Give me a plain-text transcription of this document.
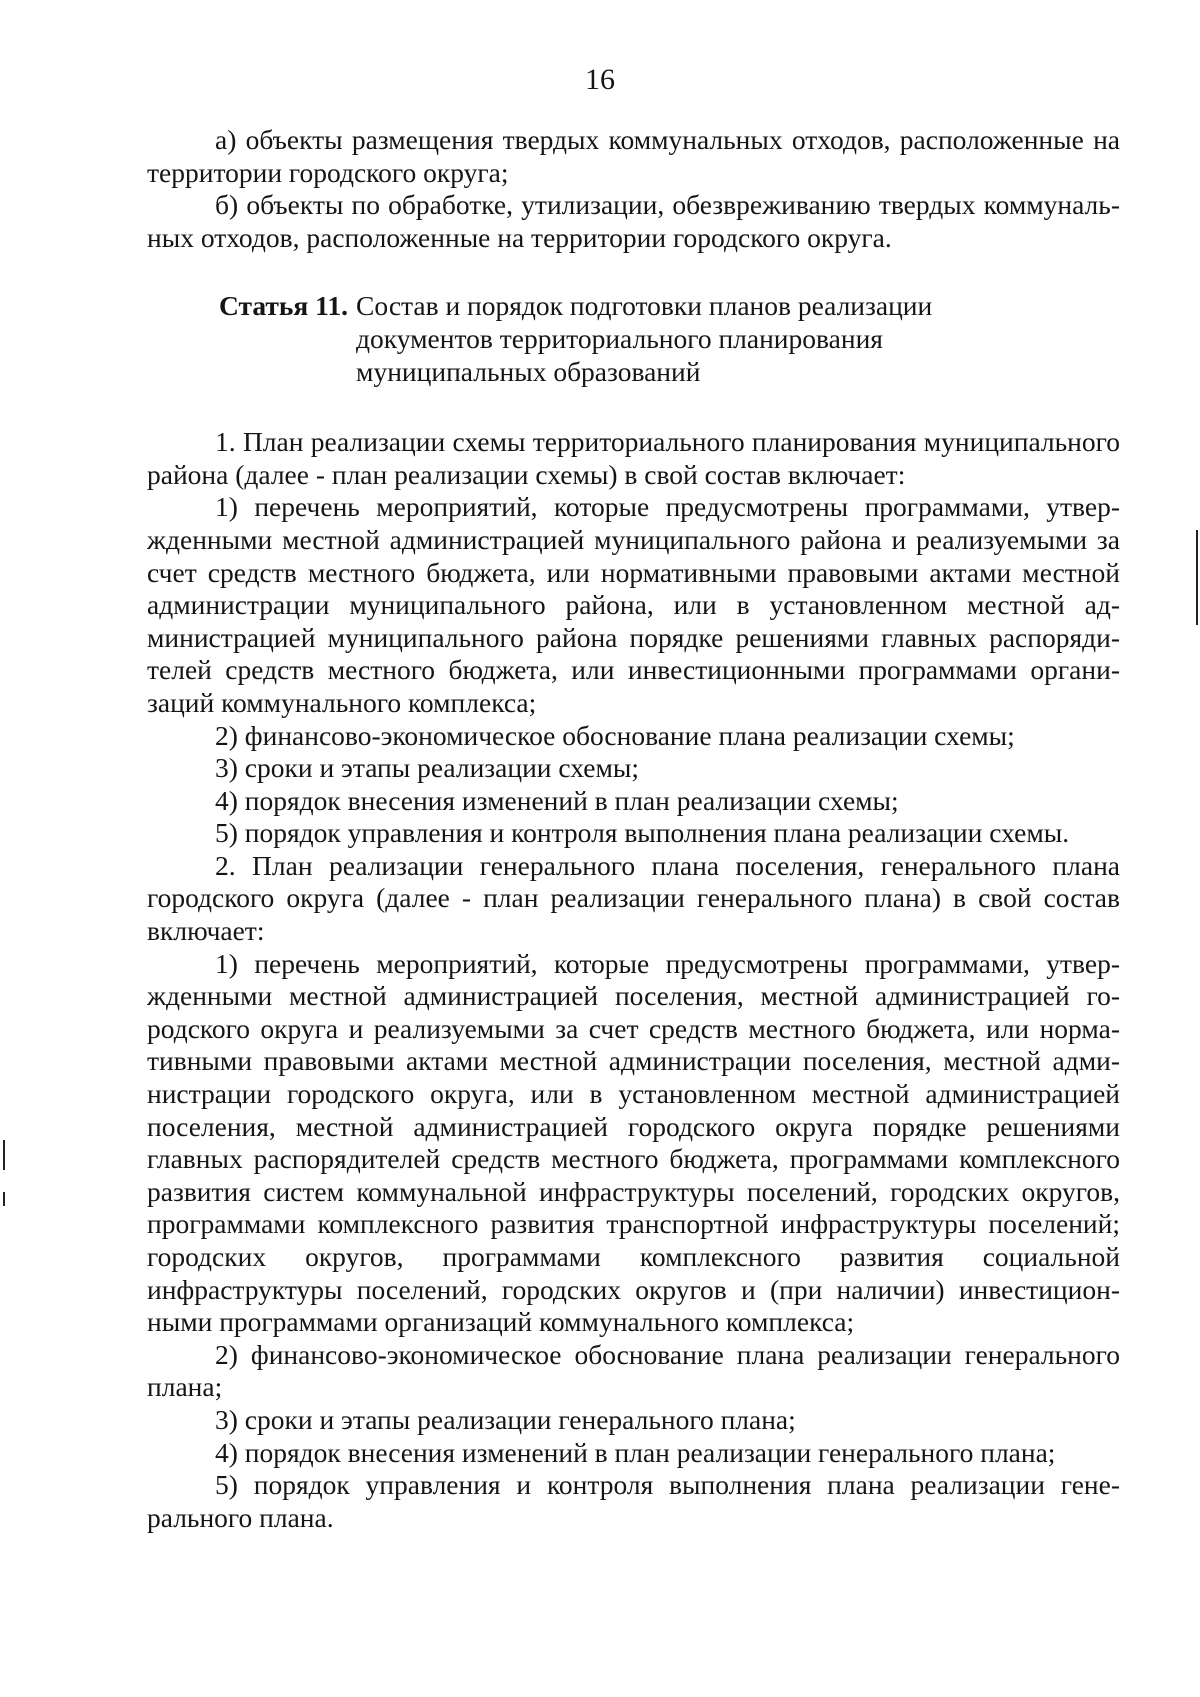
16

а) объекты размещения твердых коммунальных отходов, расположенные на территории городского округа;

б) объекты по обработке, утилизации, обезвреживанию твердых коммунальных отходов, расположенные на территории городского округа.

Статья 11. Состав и порядок подготовки планов реализации
документов территориального планирования
муниципальных образований

1. План реализации схемы территориального планирования муниципального района (далее - план реализации схемы) в свой состав включает:

1) перечень мероприятий, которые предусмотрены программами, утвержденными местной администрацией муниципального района и реализуемыми за счет средств местного бюджета, или нормативными правовыми актами местной администрации муниципального района, или в установленном местной администрацией муниципального района порядке решениями главных распорядителей средств местного бюджета, или инвестиционными программами организаций коммунального комплекса;

2) финансово-экономическое обоснование плана реализации схемы;

3) сроки и этапы реализации схемы;

4) порядок внесения изменений в план реализации схемы;

5) порядок управления и контроля выполнения плана реализации схемы.

2. План реализации генерального плана поселения, генерального плана городского округа (далее - план реализации генерального плана) в свой состав включает:

1) перечень мероприятий, которые предусмотрены программами, утвержденными местной администрацией поселения, местной администрацией городского округа и реализуемыми за счет средств местного бюджета, или нормативными правовыми актами местной администрации поселения, местной администрации городского округа, или в установленном местной администрацией поселения, местной администрацией городского округа порядке решениями главных распорядителей средств местного бюджета, программами комплексного развития систем коммунальной инфраструктуры поселений, городских округов, программами комплексного развития транспортной инфраструктуры поселений; городских округов, программами комплексного развития социальной инфраструктуры поселений, городских округов и (при наличии) инвестиционными программами организаций коммунального комплекса;

2) финансово-экономическое обоснование плана реализации генерального плана;

3) сроки и этапы реализации генерального плана;

4) порядок внесения изменений в план реализации генерального плана;

5) порядок управления и контроля выполнения плана реализации генерального плана.
